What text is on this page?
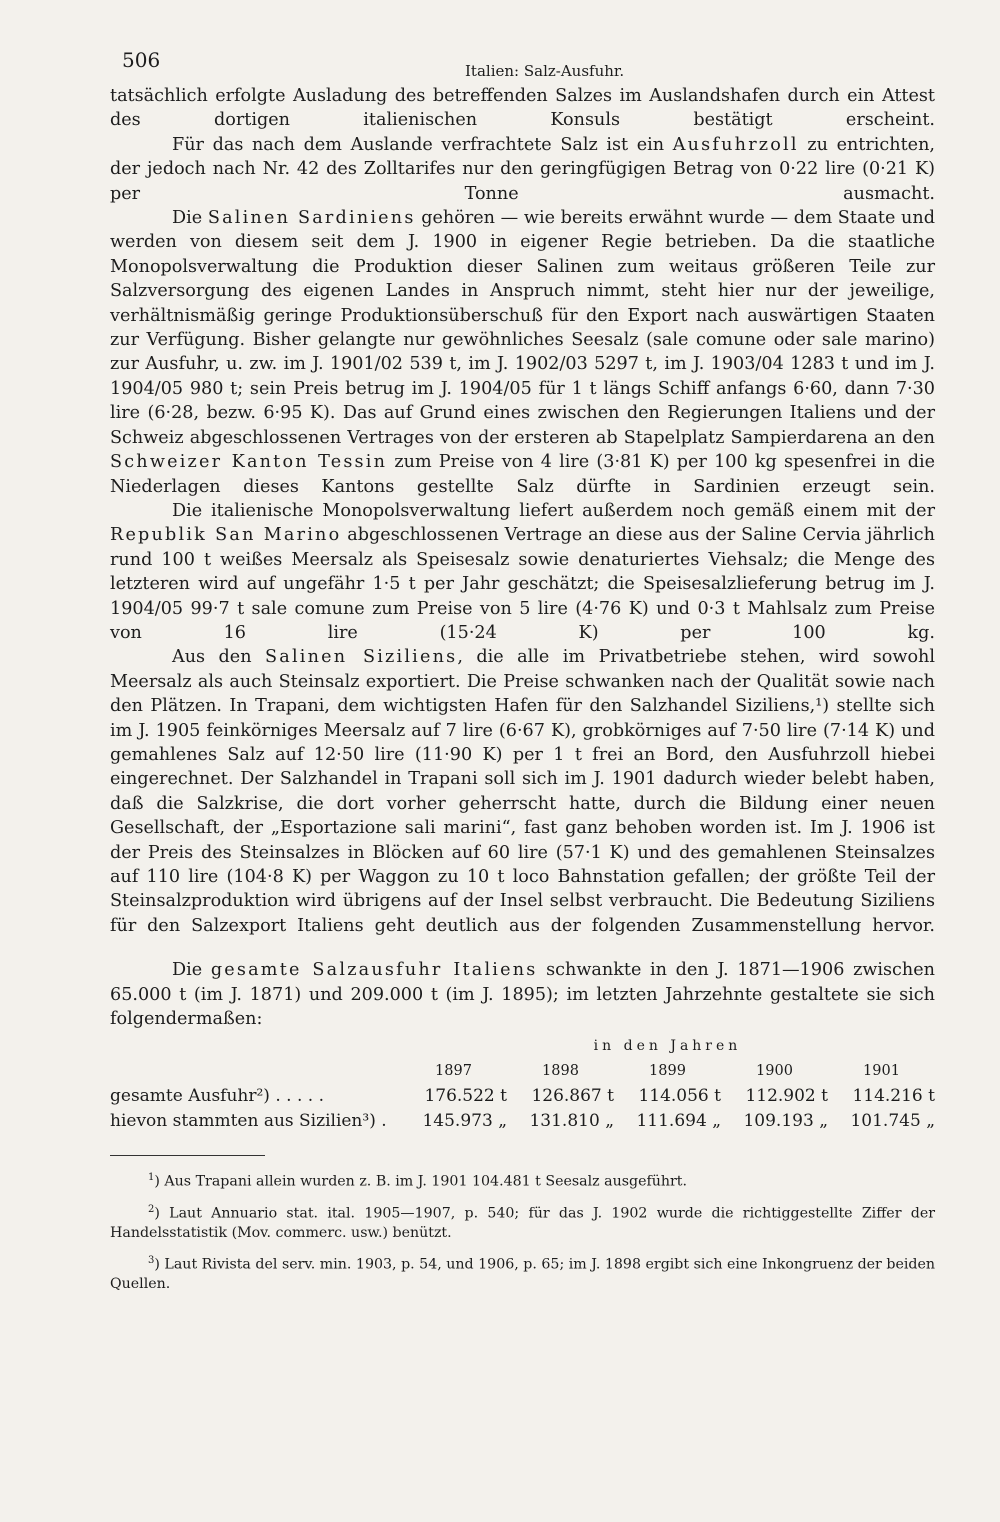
506	Italien: Salz-Ausfuhr.

tatsächlich erfolgte Ausladung des betreffenden Salzes im Auslandshafen durch ein Attest des dortigen italienischen Konsuls bestätigt erscheint.

Für das nach dem Auslande verfrachtete Salz ist ein Ausfuhrzoll zu entrichten, der jedoch nach Nr. 42 des Zolltarifes nur den geringfügigen Betrag von 0·22 lire (0·21 K) per Tonne ausmacht.

Die Salinen Sardiniens gehören — wie bereits erwähnt wurde — dem Staate und werden von diesem seit dem J. 1900 in eigener Regie betrieben. Da die staatliche Monopolsverwaltung die Produktion dieser Salinen zum weitaus größeren Teile zur Salzversorgung des eigenen Landes in Anspruch nimmt, steht hier nur der jeweilige, verhältnismäßig geringe Produktionsüberschuß für den Export nach auswärtigen Staaten zur Verfügung. Bisher gelangte nur gewöhnliches Seesalz (sale comune oder sale marino) zur Ausfuhr, u. zw. im J. 1901/02 539 t, im J. 1902/03 5297 t, im J. 1903/04 1283 t und im J. 1904/05 980 t; sein Preis betrug im J. 1904/05 für 1 t längs Schiff anfangs 6·60, dann 7·30 lire (6·28, bezw. 6·95 K). Das auf Grund eines zwischen den Regierungen Italiens und der Schweiz abgeschlossenen Vertrages von der ersteren ab Stapelplatz Sampierdarena an den Schweizer Kanton Tessin zum Preise von 4 lire (3·81 K) per 100 kg spesenfrei in die Niederlagen dieses Kantons gestellte Salz dürfte in Sardinien erzeugt sein.

Die italienische Monopolsverwaltung liefert außerdem noch gemäß einem mit der Republik San Marino abgeschlossenen Vertrage an diese aus der Saline Cervia jährlich rund 100 t weißes Meersalz als Speisesalz sowie denaturiertes Viehsalz; die Menge des letzteren wird auf ungefähr 1·5 t per Jahr geschätzt; die Speisesalzlieferung betrug im J. 1904/05 99·7 t sale comune zum Preise von 5 lire (4·76 K) und 0·3 t Mahlsalz zum Preise von 16 lire (15·24 K) per 100 kg.

Aus den Salinen Siziliens, die alle im Privatbetriebe stehen, wird sowohl Meersalz als auch Steinsalz exportiert. Die Preise schwanken nach der Qualität sowie nach den Plätzen. In Trapani, dem wichtigsten Hafen für den Salzhandel Siziliens,¹) stellte sich im J. 1905 feinkörniges Meersalz auf 7 lire (6·67 K), grobkörniges auf 7·50 lire (7·14 K) und gemahlenes Salz auf 12·50 lire (11·90 K) per 1 t frei an Bord, den Ausfuhrzoll hiebei eingerechnet. Der Salzhandel in Trapani soll sich im J. 1901 dadurch wieder belebt haben, daß die Salzkrise, die dort vorher geherrscht hatte, durch die Bildung einer neuen Gesellschaft, der „Esportazione sali marini“, fast ganz behoben worden ist. Im J. 1906 ist der Preis des Steinsalzes in Blöcken auf 60 lire (57·1 K) und des gemahlenen Steinsalzes auf 110 lire (104·8 K) per Waggon zu 10 t loco Bahnstation gefallen; der größte Teil der Steinsalzproduktion wird übrigens auf der Insel selbst verbraucht. Die Bedeutung Siziliens für den Salzexport Italiens geht deutlich aus der folgenden Zusammenstellung hervor.

Die gesamte Salzausfuhr Italiens schwankte in den J. 1871—1906 zwischen 65.000 t (im J. 1871) und 209.000 t (im J. 1895); im letzten Jahrzehnte gestaltete sie sich folgendermaßen:

	in den Jahren				
	1897	1898	1899	1900	1901
gesamte Ausfuhr²) . . . . .	176.522 t	126.867 t	114.056 t	112.902 t	114.216 t
hievon stammten aus Sizilien³) .	145.973 „	131.810 „	111.694 „	109.193 „	101.745 „

$^1$) Aus Trapani allein wurden z. B. im J. 1901 104.481 t Seesalz ausgeführt.

$^2$) Laut Annuario stat. ital. 1905—1907, p. 540; für das J. 1902 wurde die richtiggestellte Ziffer der Handelsstatistik (Mov. commerc. usw.) benützt.

$^3$) Laut Rivista del serv. min. 1903, p. 54, und 1906, p. 65; im J. 1898 ergibt sich eine Inkongruenz der beiden Quellen.
